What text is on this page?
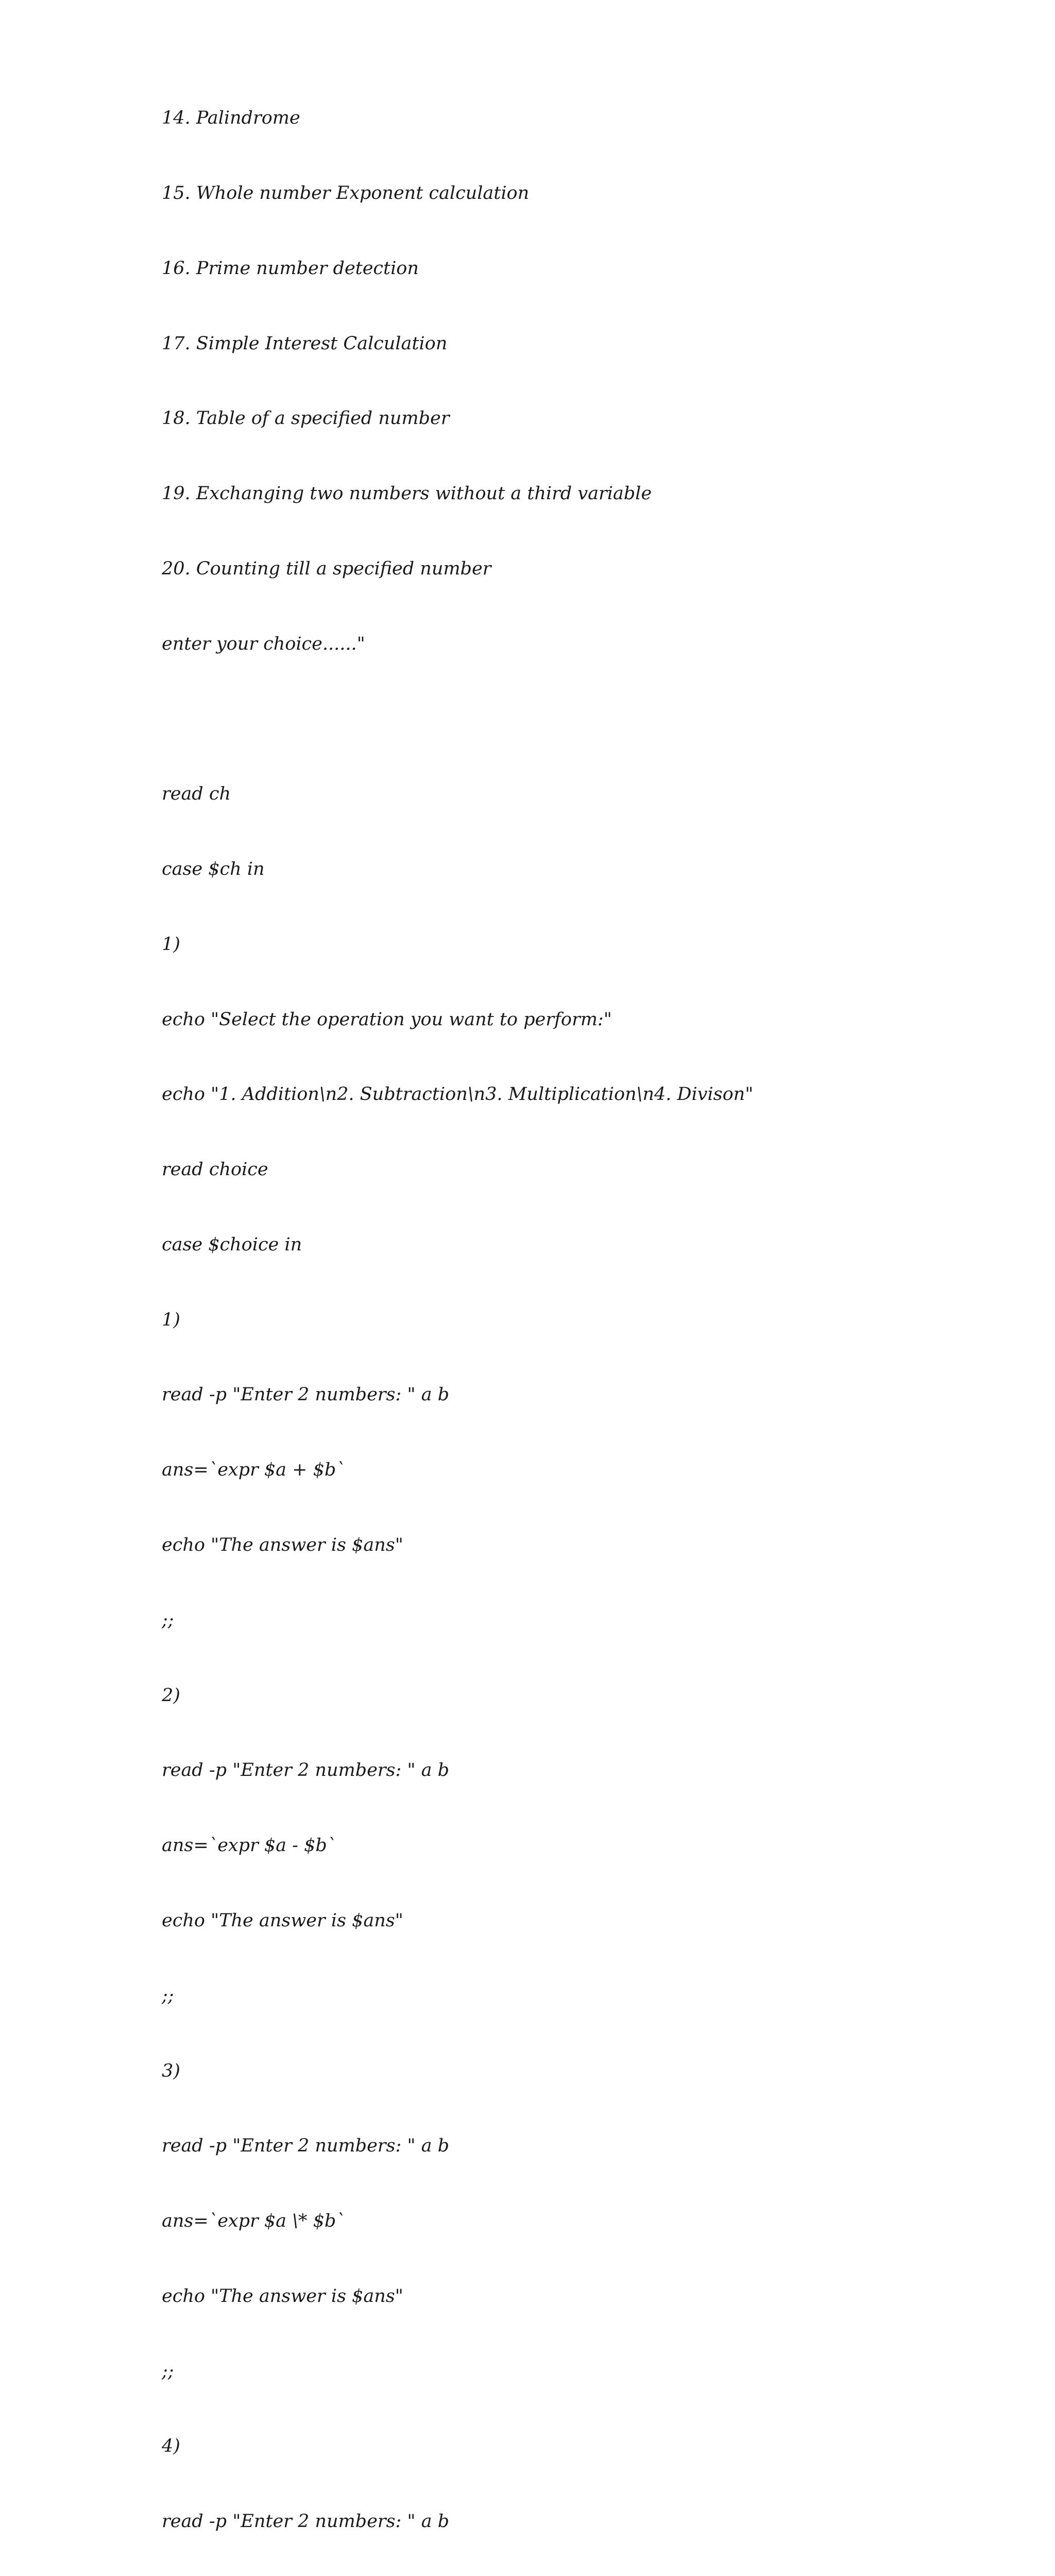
14. Palindrome

15. Whole number Exponent calculation

16. Prime number detection

17. Simple Interest Calculation

18. Table of a specified number

19. Exchanging two numbers without a third variable

20. Counting till a specified number

enter your choice......"

read ch

case $ch in

1)

echo "Select the operation you want to perform:"

echo "1. Addition\n2. Subtraction\n3. Multiplication\n4. Divison"

read choice

case $choice in

1)

read -p "Enter 2 numbers: " a b

ans=`expr $a + $b`

echo "The answer is $ans"

;;

2)

read -p "Enter 2 numbers: " a b

ans=`expr $a - $b`

echo "The answer is $ans"

;;

3)

read -p "Enter 2 numbers: " a b

ans=`expr $a \* $b`

echo "The answer is $ans"

;;

4)

read -p "Enter 2 numbers: " a b
